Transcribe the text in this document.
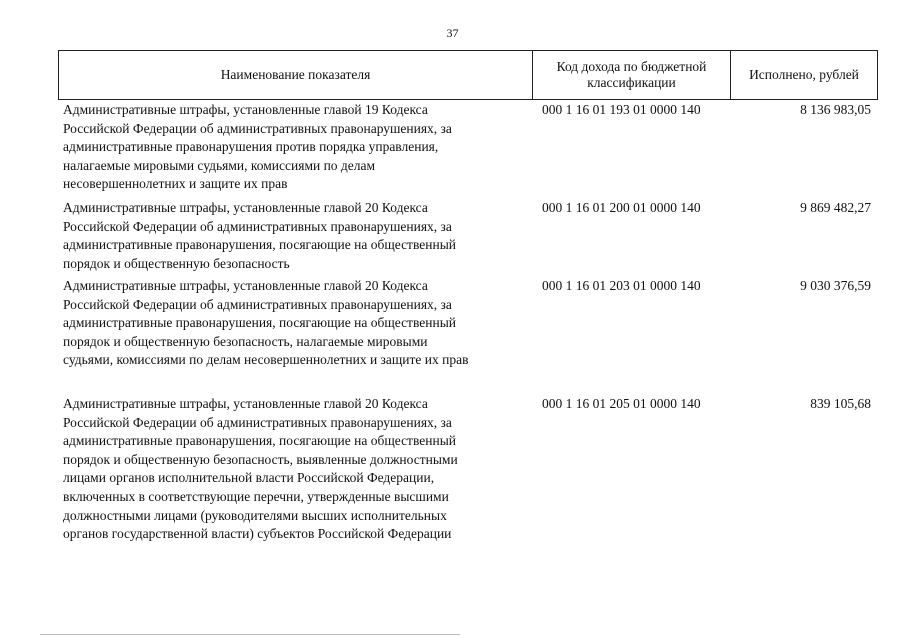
37
Наименование показателя
Код дохода по бюджетной
классификации
Исполнено, рублей
Административные штрафы, установленные главой 19 Кодекса
Российской Федерации об административных правонарушениях, за
административные правонарушения против порядка управления,
налагаемые мировыми судьями, комиссиями по делам
несовершеннолетних и защите их прав
000 1 16 01 193 01 0000 140	8 136 983,05
Административные штрафы, установленные главой 20 Кодекса
Российской Федерации об административных правонарушениях, за
административные правонарушения, посягающие на общественный
порядок и общественную безопасность
000 1 16 01 200 01 0000 140	9 869 482,27
Административные штрафы, установленные главой 20 Кодекса
Российской Федерации об административных правонарушениях, за
административные правонарушения, посягающие на общественный
порядок и общественную безопасность, налагаемые мировыми
судьями, комиссиями по делам несовершеннолетних и защите их прав
000 1 16 01 203 01 0000 140	9 030 376,59
Административные штрафы, установленные главой 20 Кодекса
Российской Федерации об административных правонарушениях, за
административные правонарушения, посягающие на общественный
порядок и общественную безопасность, выявленные должностными
лицами органов исполнительной власти Российской Федерации,
включенных в соответствующие перечни, утвержденные высшими
должностными лицами (руководителями высших исполнительных
органов государственной власти) субъектов Российской Федерации
000 1 16 01 205 01 0000 140	839 105,68
